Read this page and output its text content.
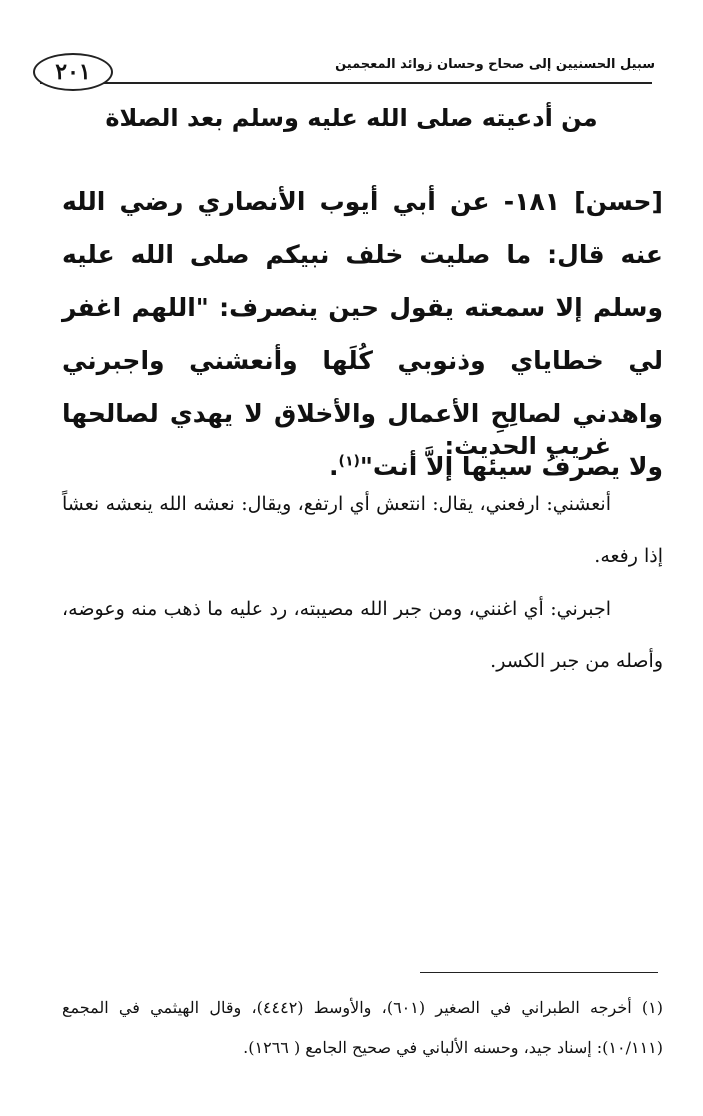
٢٠١	سبيل الحسنيين إلى صحاح وحسان زوائد المعجمين
من أدعيته صلى الله عليه وسلم بعد الصلاة
[حسن] ١٨١- عن أبي أيوب الأنصاري رضي الله عنه قال: ما صليت خلف نبيكم صلى الله عليه وسلم إلا سمعته يقول حين ينصرف: "اللهم اغفر لي خطاياي وذنوبي كُلَها وأنعشني واجبرني واهدني لصالِحِ الأعمال والأخلاق لا يهدي لصالحها ولا يصرفُ سيئها إلاَّ أنت"$^{(١)}$.
غريب الحديث:
أنعشني: ارفعني، يقال: انتعش أي ارتفع، ويقال: نعشه الله ينعشه نعشاً إذا رفعه.
اجبرني: أي اغنني، ومن جبر الله مصيبته، رد عليه ما ذهب منه وعوضه، وأصله من جبر الكسر.
(١) أخرجه الطبراني في الصغير (٦٠١)، والأوسط (٤٤٤٢)، وقال الهيثمي في المجمع (١٠/١١١): إسناد جيد، وحسنه الألباني في صحيح الجامع ( ١٢٦٦).
